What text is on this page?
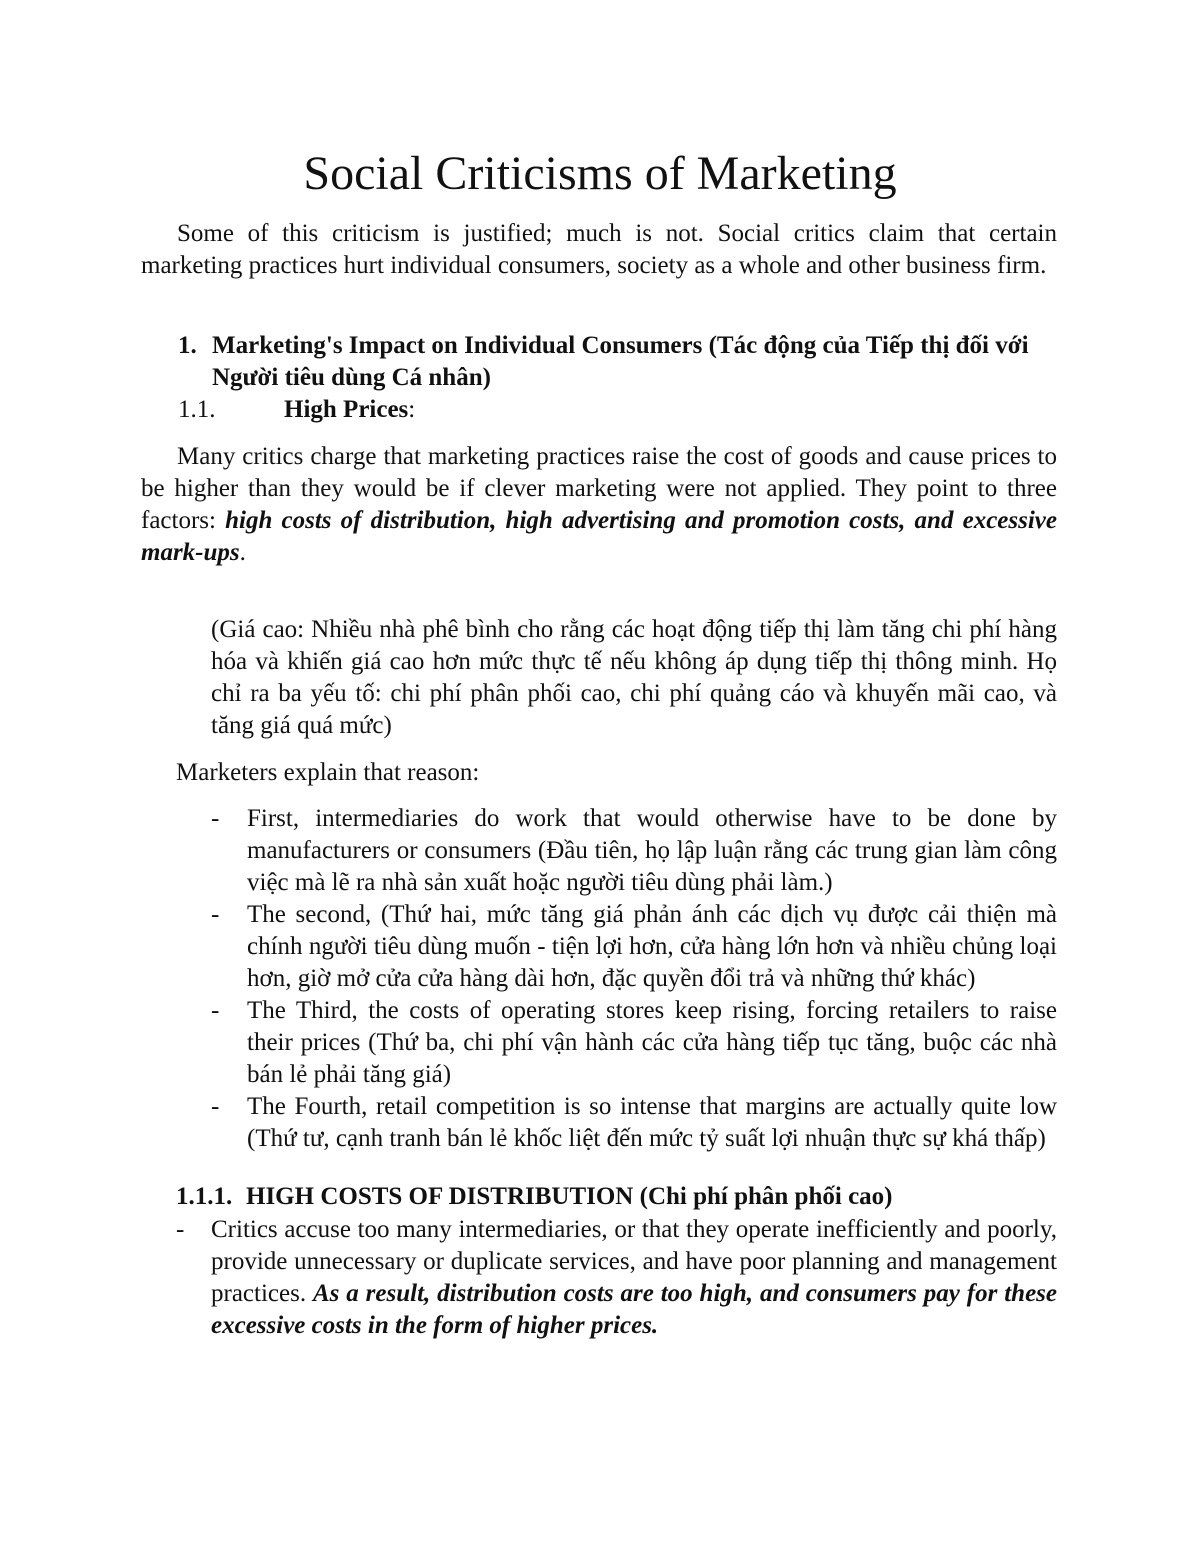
Social Criticisms of Marketing

Some of this criticism is justified; much is not. Social critics claim that certain marketing practices hurt individual consumers, society as a whole and other business firm.

1. Marketing's Impact on Individual Consumers (Tác động của Tiếp thị đối với Người tiêu dùng Cá nhân)
1.1.	High Prices:

Many critics charge that marketing practices raise the cost of goods and cause prices to be higher than they would be if clever marketing were not applied. They point to three factors: high costs of distribution, high advertising and promotion costs, and excessive mark-ups.

(Giá cao: Nhiều nhà phê bình cho rằng các hoạt động tiếp thị làm tăng chi phí hàng hóa và khiến giá cao hơn mức thực tế nếu không áp dụng tiếp thị thông minh. Họ chỉ ra ba yếu tố: chi phí phân phối cao, chi phí quảng cáo và khuyến mãi cao, và tăng giá quá mức)

Marketers explain that reason:

- First, intermediaries do work that would otherwise have to be done by manufacturers or consumers (Đầu tiên, họ lập luận rằng các trung gian làm công việc mà lẽ ra nhà sản xuất hoặc người tiêu dùng phải làm.)
- The second, (Thứ hai, mức tăng giá phản ánh các dịch vụ được cải thiện mà chính người tiêu dùng muốn - tiện lợi hơn, cửa hàng lớn hơn và nhiều chủng loại hơn, giờ mở cửa cửa hàng dài hơn, đặc quyền đổi trả và những thứ khác)
- The Third, the costs of operating stores keep rising, forcing retailers to raise their prices (Thứ ba, chi phí vận hành các cửa hàng tiếp tục tăng, buộc các nhà bán lẻ phải tăng giá)
- The Fourth, retail competition is so intense that margins are actually quite low (Thứ tư, cạnh tranh bán lẻ khốc liệt đến mức tỷ suất lợi nhuận thực sự khá thấp)
1.1.1. HIGH COSTS OF DISTRIBUTION (Chi phí phân phối cao)
- Critics accuse too many intermediaries, or that they operate inefficiently and poorly, provide unnecessary or duplicate services, and have poor planning and management practices. As a result, distribution costs are too high, and consumers pay for these excessive costs in the form of higher prices.
